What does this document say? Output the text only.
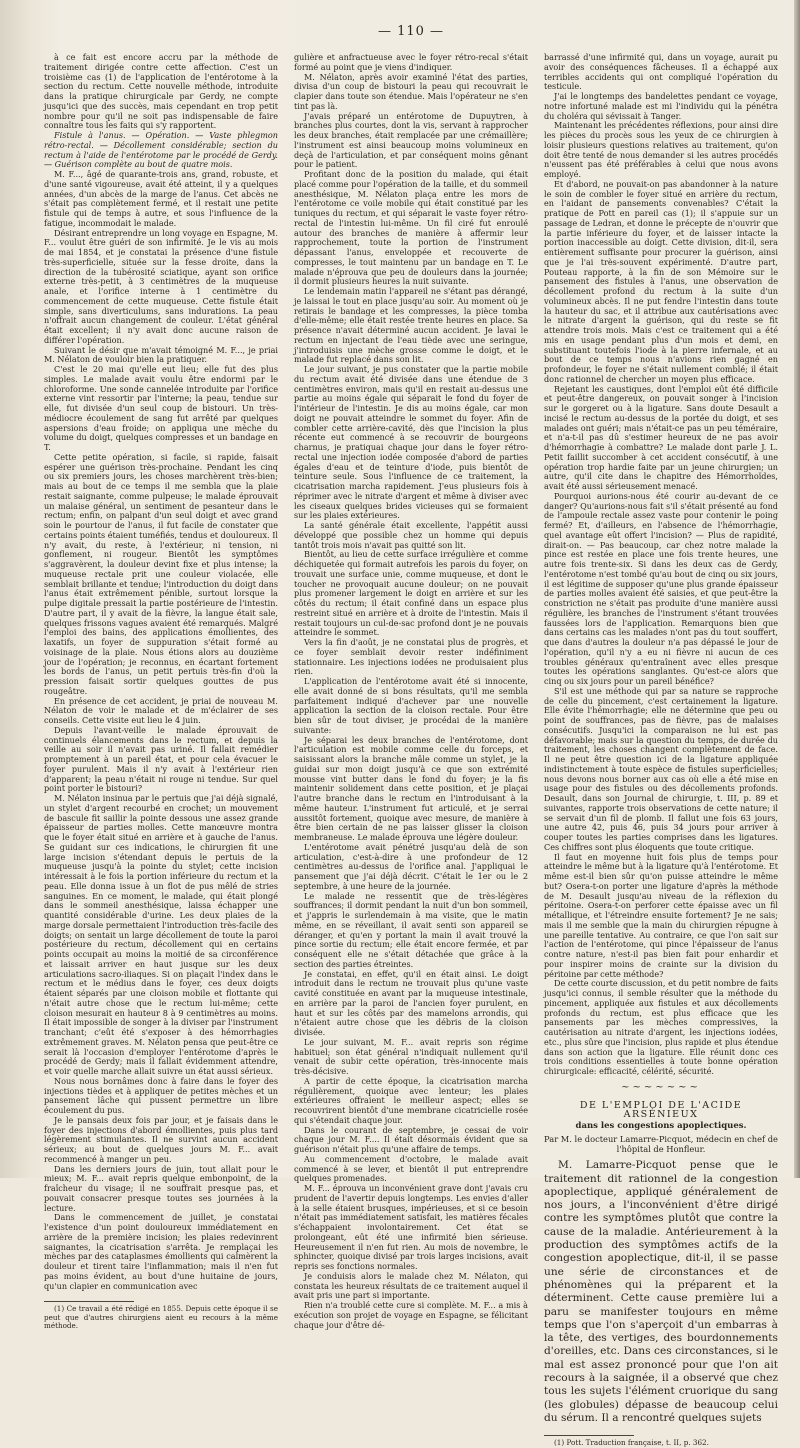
— 110 —

à ce fait est encore accru par la méthode de traitement dirigée contre cette affection. C'est un troisième cas (1) de l'application de l'entérotome à la section du rectum. Cette nouvelle méthode, introduite dans la pratique chirurgicale par Gerdy, ne compte jusqu'ici que des succès, mais cependant en trop petit nombre pour qu'il ne soit pas indispensable de faire connaître tous les faits qui s'y rapportent.

Fistule à l'anus. — Opération. — Vaste phlegmon rétro-rectal. — Décollement considérable; section du rectum à l'aide de l'entérotome par le procédé de Gerdy. — Guérison complète au bout de quatre mois.

M. F..., âgé de quarante-trois ans, grand, robuste, et d'une santé vigoureuse, avait été atteint, il y a quelques années, d'un abcès de la marge de l'anus. Cet abcès ne s'était pas complètement fermé, et il restait une petite fistule qui de temps à autre, et sous l'influence de la fatigue, incommodait le malade.

Désirant entreprendre un long voyage en Espagne, M. F... voulut être guéri de son infirmité. Je le vis au mois de mai 1854, et je constatai la présence d'une fistule très-superficielle, située sur la fesse droite, dans la direction de la tubérosité sciatique, ayant son orifice externe très-petit, à 3 centimètres de la muqueuse anale, et l'orifice interne à 1 centimètre du commencement de cette muqueuse. Cette fistule était simple, sans diverticulums, sans indurations. La peau n'offrait aucun changement de couleur. L'état général était excellent; il n'y avait donc aucune raison de différer l'opération.

Suivant le désir que m'avait témoigné M. F..., je priai M. Nélaton de vouloir bien la pratiquer.

C'est le 20 mai qu'elle eut lieu; elle fut des plus simples. Le malade avait voulu être endormi par le chloroforme. Une sonde cannelée introduite par l'orifice externe vint ressortir par l'interne; la peau, tendue sur elle, fut divisée d'un seul coup de bistouri. Un très-médiocre écoulement de sang fut arrêté par quelques aspersions d'eau froide; on appliqua une mèche du volume du doigt, quelques compresses et un bandage en T.

Cette petite opération, si facile, si rapide, faisait espérer une guérison très-prochaine. Pendant les cinq ou six premiers jours, les choses marchèrent très-bien; mais au bout de ce temps il me sembla que la plaie restait saignante, comme pulpeuse; le malade éprouvait un malaise général, un sentiment de pesanteur dans le rectum; enfin, on palpant d'un seul doigt et avec grand soin le pourtour de l'anus, il fut facile de constater que certains points étaient tuméfiés, tendus et douloureux. Il n'y avait, du reste, à l'extérieur, ni tension, ni gonflement, ni rougeur. Bientôt les symptômes s'aggravèrent, la douleur devint fixe et plus intense; la muqueuse rectale prit une couleur violacée, elle semblait brillante et tendue; l'introduction du doigt dans l'anus était extrêmement pénible, surtout lorsque la pulpe digitale pressait la partie postérieure de l'intestin. D'autre part, il y avait de la fièvre, la langue était sale, quelques frissons vagues avaient été remarqués. Malgré l'emploi des bains, des applications émollientes, des laxatifs, un foyer de suppuration s'était formé au voisinage de la plaie. Nous étions alors au douzième jour de l'opération; je reconnus, en écartant fortement les bords de l'anus, un petit pertuis très-fin d'où la pression faisait sortir quelques gouttes de pus rougeâtre.

En présence de cet accident, je priai de nouveau M. Nélaton de voir le malade et de m'éclairer de ses conseils. Cette visite eut lieu le 4 juin.

Depuis l'avant-veille le malade éprouvait de continuels élancements dans le rectum, et depuis la veille au soir il n'avait pas uriné. Il fallait remédier promptement à un pareil état, et pour cela évacuer le foyer purulent. Mais il n'y avait à l'extérieur rien d'apparent; la peau n'était ni rouge ni tendue. Sur quel point porter le bistouri?

M. Nélaton insinua par le pertuis que j'ai déjà signalé, un stylet d'argent recourbé en crochet; un mouvement de bascule fit saillir la pointe dessous une assez grande épaisseur de parties molles. Cette manœuvre montra que le foyer était situé en arrière et à gauche de l'anus. Se guidant sur ces indications, le chirurgien fit une large incision s'étendant depuis le pertuis de la muqueuse jusqu'à la pointe du stylet; cette incision intéressait à le fois la portion inférieure du rectum et la peau. Elle donna issue à un flot de pus mêlé de stries sanguines. En ce moment, le malade, qui était plongé dans le sommeil anesthésique, laissa échapper une quantité considérable d'urine. Les deux plaies de la marge dorsale permettaient l'introduction très-facile des doigts; on sentait un large décollement de toute la paroi postérieure du rectum, décollement qui en certains points occupait au moins la moitié de sa circonférence et laissait arriver en haut jusque sur les deux articulations sacro-iliaques. Si on plaçait l'index dans le rectum et le médius dans le foyer, ces deux doigts étaient séparés par une cloison mobile et flottante qui n'était autre chose que le rectum lui-même; cette cloison mesurait en hauteur 8 à 9 centimètres au moins. Il était impossible de songer à la diviser par l'instrument tranchant; c'eût été s'exposer à des hémorrhagies extrêmement graves. M. Nélaton pensa que peut-être ce serait là l'occasion d'employer l'entérotome d'après le procédé de Gerdy; mais il fallait évidemment attendre, et voir quelle marche allait suivre un état aussi sérieux.

Nous nous bornâmes donc à faire dans le foyer des injections tièdes et à appliquer de petites mèches et un pansement lâche qui pussent permettre un libre écoulement du pus.

Je le pansais deux fois par jour, et je faisais dans le foyer des injections d'abord émollientes, puis plus tard légèrement stimulantes. Il ne survint aucun accident sérieux; au bout de quelques jours M. F... avait recommencé à manger un peu.

Dans les derniers jours de juin, tout allait pour le mieux; M. F... avait repris quelque embonpoint, de la fraîcheur du visage; il ne souffrait presque pas, et pouvait consacrer presque toutes ses journées à la lecture.

Dans le commencement de juillet, je constatai l'existence d'un point douloureux immédiatement en arrière de la première incision; les plaies redevinrent saignantes, la cicatrisation s'arrêta. Je remplaçai les mèches par des cataplasmes émollients qui calmèrent la douleur et tirent taire l'inflammation; mais il n'en fut pas moins évident, au bout d'une huitaine de jours, qu'un clapier en communication avec

(1) Ce travail a été rédigé en 1855. Depuis cette époque il se peut que d'autres chirurgiens aient eu recours à la même méthode.

gulière et anfractueuse avec le foyer rétro-recal s'était formé au point que je viens d'indiquer.

M. Nélaton, après avoir examiné l'état des parties, divisa d'un coup de bistouri la peau qui recouvrait le clapier dans toute son étendue. Mais l'opérateur ne s'en tint pas là.

J'avais préparé un entérotome de Dupuytren, à branches plus courtes, dont la vis, servant à rapprocher les deux branches, était remplacée par une crémaillère; l'instrument est ainsi beaucoup moins volumineux en deçà de l'articulation, et par conséquent moins gênant pour le patient.

Profitant donc de la position du malade, qui était placé comme pour l'opération de la taille, et du sommeil anesthésique, M. Nélaton plaça entre les mors de l'entérotome ce voile mobile qui était constitué par les tuniques du rectum, et qui séparait le vaste foyer rétro-rectal de l'intestin lui-même. Un fil ciré fut enroulé autour des branches de manière à affermir leur rapprochement, toute la portion de l'instrument dépassant l'anus, enveloppée et recouverte de compresses, le tout maintenu par un bandage en T. Le malade n'éprouva que peu de douleurs dans la journée; il dormit plusieurs heures la nuit suivante.

Le lendemain matin l'appareil ne s'étant pas dérangé, je laissai le tout en place jusqu'au soir. Au moment où je retirais le bandage et les compresses, la pièce tomba d'elle-même; elle était restée trente heures en place. Sa présence n'avait déterminé aucun accident. Je lavai le rectum en injectant de l'eau tiède avec une seringue, j'introduisis une mèche grosse comme le doigt, et le malade fut replacé dans son lit.

Le jour suivant, je pus constater que la partie mobile du rectum avait été divisée dans une étendue de 3 centimètres environ, mais qu'il en restait au-dessus une partie au moins égale qui séparait le fond du foyer de l'intérieur de l'intestin. Je dis au moins égale, car mon doigt ne pouvait atteindre le sommet du foyer. Afin de combler cette arrière-cavité, dès que l'incision la plus récente eut commencé à se recouvrir de bourgeons charnus, je pratiquai chaque jour dans le foyer rétro-rectal une injection iodée composée d'abord de parties égales d'eau et de teinture d'iode, puis bientôt de teinture seule. Sous l'influence de ce traitement, la cicatrisation marcha rapidement. J'eus plusieurs fois à réprimer avec le nitrate d'argent et même à diviser avec les ciseaux quelques brides vicieuses qui se formaient sur les plaies extérieures.

La santé générale était excellente, l'appétit aussi développé que possible chez un homme qui depuis tantôt trois mois n'avait pas quitté son lit.

Bientôt, au lieu de cette surface irrégulière et comme déchiquetée qui formait autrefois les parois du foyer, on trouvait une surface unie, comme muqueuse, et dont le toucher ne provoquait aucune douleur; on ne pouvait plus promener largement le doigt en arrière et sur les côtés du rectum; il était confiné dans un espace plus restreint situé en arrière et à droite de l'intestin. Mais il restait toujours un cul-de-sac profond dont je ne pouvais atteindre le sommet.

Vers la fin d'août, je ne constatai plus de progrès, et ce foyer semblait devoir rester indéfiniment stationnaire. Les injections iodées ne produisaient plus rien.

L'application de l'entérotome avait été si innocente, elle avait donné de si bons résultats, qu'il me sembla parfaitement indiqué d'achever par une nouvelle application la section de la cloison rectale. Pour être bien sûr de tout diviser, je procédai de la manière suivante:

Je séparai les deux branches de l'entérotome, dont l'articulation est mobile comme celle du forceps, et saisissant alors la branche mâle comme un stylet, je la guidai sur mon doigt jusqu'à ce que son extrémité mousse vint butter dans le fond du foyer; je la fis maintenir solidement dans cette position, et je plaçai l'autre branche dans le rectum en l'introduisant à la même hauteur. L'instrument fut articulé, et je serrai aussitôt fortement, quoique avec mesure, de manière à être bien certain de ne pas laisser glisser la cloison membraneuse. Le malade éprouva une légère douleur.

L'entérotome avait pénétré jusqu'au delà de son articulation, c'est-à-dire à une profondeur de 12 centimètres au-dessus de l'orifice anal. J'appliquai le pansement que j'ai déjà décrit. C'était le 1er ou le 2 septembre, à une heure de la journée.

Le malade ne ressentit que de très-légères souffrances; il dormit pendant la nuit d'un bon sommeil, et j'appris le surlendemain à ma visite, que le matin même, en se réveillant, il avait senti son appareil se déranger, et qu'en y portant la main il avait trouvé la pince sortie du rectum; elle était encore fermée, et par conséquent elle ne s'était détachée que grâce à la section des parties étreintes.

Je constatai, en effet, qu'il en était ainsi. Le doigt introduit dans le rectum ne trouvait plus qu'une vaste cavité constituée en avant par la muqueuse intestinale, en arrière par la paroi de l'ancien foyer purulent, en haut et sur les côtés par des mamelons arrondis, qui n'étaient autre chose que les débris de la cloison divisée.

Le jour suivant, M. F... avait repris son régime habituel; son état général n'indiquait nullement qu'il venait de subir cette opération, très-innocente mais très-décisive.

A partir de cette époque, la cicatrisation marcha régulièrement, quoique avec lenteur; les plaies extérieures offraient le meilleur aspect; elles se recouvrirent bientôt d'une membrane cicatricielle rosée qui s'étendait chaque jour.

Dans le courant de septembre, je cessai de voir chaque jour M. F.... Il était désormais évident que sa guérison n'était plus qu'une affaire de temps.

Au commencement d'octobre, le malade avait commencé à se lever, et bientôt il put entreprendre quelques promenades.

M. F... éprouva un inconvénient grave dont j'avais cru prudent de l'avertir depuis longtemps. Les envies d'aller à la selle étaient brusques, impérieuses, et si ce besoin n'était pas immédiatement satisfait, les matières fécales s'échappaient involontairement. Cet état se prolongeant, eût été une infirmité bien sérieuse. Heureusement il n'en fut rien. Au mois de novembre, le sphincter, quoique divisé par trois larges incisions, avait repris ses fonctions normales.

Je conduisis alors le malade chez M. Nélaton, qui constata les heureux résultats de ce traitement auquel il avait pris une part si importante.

Rien n'a troublé cette cure si complète. M. F... a mis à exécution son projet de voyage en Espagne, se félicitant chaque jour d'être dé-

barrassé d'une infirmité qui, dans un voyage, aurait pu avoir des conséquences fâcheuses. Il a échappé aux terribles accidents qui ont compliqué l'opération du testicule.

J'ai le longtemps des bandelettes pendant ce voyage, notre infortuné malade est mi l'individu qui la pénétra du choléra qui sévissait à Tanger.

Maintenant les précédentes réflexions, pour ainsi dire les pièces du procès sous les yeux de ce chirurgien à loisir plusieurs questions relatives au traitement, qu'on doit être tenté de nous demander si les autres procédés n'eussent pas été préférables à celui que nous avons employé.

Et d'abord, ne pouvait-on pas abandonner à la nature le soin de combler le foyer situé en arrière du rectum, en l'aidant de pansements convenables? C'était la pratique de Pott en pareil cas (1); il s'appuie sur un passage de Ledran, et donne le précepte de n'ouvrir que la partie inférieure du foyer, et de laisser intacte la portion inaccessible au doigt. Cette division, dit-il, sera entièrement suffisante pour procurer la guérison, ainsi que je l'ai très-souvent expérimenté. D'autre part, Pouteau rapporte, à la fin de son Mémoire sur le pansement des fistules à l'anus, une observation de décollement profond du rectum à la suite d'un volumineux abcès. Il ne put fendre l'intestin dans toute la hauteur du sac, et il attribue aux cautérisations avec le nitrate d'argent la guérison, qui du reste se fit attendre trois mois. Mais c'est ce traitement qui a été mis en usage pendant plus d'un mois et demi, en substituant toutefois l'iode à la pierre infernale, et au bout de ce temps nous n'avions rien gagné en profondeur, le foyer ne s'était nullement comblé; il était donc rationnel de chercher un moyen plus efficace.

Rejetant les caustiques, dont l'emploi eût été difficile et peut-être dangereux, on pouvait songer à l'incision sur le gorgeret ou à la ligature. Sans doute Desault a incisé le rectum au-dessus de la portée du doigt, et ses malades ont guéri; mais n'était-ce pas un peu téméraire, et n'a-t-il pas dû s'estimer heureux de ne pas avoir d'hémorrhagie à combattre? Le malade dont parle J. L. Petit faillit succomber à cet accident consécutif, à une opération trop hardie faite par un jeune chirurgien; un autre, qu'il cite dans le chapitre des Hémorrhoïdes, avait été aussi sérieusement menacé.

Pourquoi aurions-nous été courir au-devant de ce danger? Qu'aurions-nous fait s'il s'était présenté au fond de l'ampoule rectale assez vaste pour contenir le poing fermé? Et, d'ailleurs, en l'absence de l'hémorrhagie, quel avantage eût offert l'incision? — Plus de rapidité, dirait-on. — Pas beaucoup, car chez notre malade la pince est restée en place une fois trente heures, une autre fois trente-six. Si dans les deux cas de Gerdy, l'entérotome n'est tombé qu'au bout de cinq ou six jours, il est légitime de supposer qu'une plus grande épaisseur de parties molles avaient été saisies, et que peut-être la constriction ne s'était pas produite d'une manière aussi régulière, les branches de l'instrument s'étant trouvées faussées lors de l'application. Remarquons bien que dans certains cas les malades n'ont pas du tout souffert, que dans d'autres la douleur n'a pas dépassé le jour de l'opération, qu'il n'y a eu ni fièvre ni aucun de ces troubles généraux qu'entraînent avec elles presque toutes les opérations sanglantes. Qu'est-ce alors que cinq ou six jours pour un pareil bénéfice?

S'il est une méthode qui par sa nature se rapproche de celle du pincement, c'est certainement la ligature. Elle évite l'hémorrhagie; elle ne détermine que peu ou point de souffrances, pas de fièvre, pas de malaises consécutifs. Jusqu'ici la comparaison ne lui est pas défavorable; mais sur la question du temps, de durée du traitement, les choses changent complètement de face. Il ne peut être question ici de la ligature appliquée indistinctement à toute espèce de fistules superficielles; nous devons nous borner aux cas où elle a été mise en usage pour des fistules ou des décollements profonds. Desault, dans son Journal de chirurgie, t. III, p. 89 et suivantes, rapporte trois observations de cette nature; il se servait d'un fil de plomb. Il fallut une fois 63 jours, une autre 42, puis 46, puis 34 jours pour arriver à couper toutes les parties comprises dans les ligatures. Ces chiffres sont plus éloquents que toute critique.

Il faut en moyenne huit fois plus de temps pour atteindre le même but à la ligature qu'à l'entérotome. Et même est-il bien sûr qu'on puisse atteindre le même but? Osera-t-on porter une ligature d'après la méthode de M. Desault jusqu'au niveau de la réflexion du péritoine. Osera-t-on perforer cette épaisse avec un fil métallique, et l'étreindre ensuite fortement? Je ne sais; mais il me semble que la main du chirurgien répugne à une pareille tentative. Au contraire, ce que l'on sait sur l'action de l'entérotome, qui pince l'épaisseur de l'anus contre nature, n'est-il pas bien fait pour enhardir et pour inspirer moins de crainte sur la division du péritoine par cette méthode?

De cette courte discussion, et du petit nombre de faits jusqu'ici connus, il semble résulter que la méthode du pincement, appliquée aux fistules et aux décollements profonds du rectum, est plus efficace que les pansements par les mèches compressives, la cautérisation au nitrate d'argent, les injections iodées, etc., plus sûre que l'incision, plus rapide et plus étendue dans son action que la ligature. Elle réunit donc ces trois conditions essentielles à toute bonne opération chirurgicale: efficacité, célérité, sécurité.

~~~~~~~
DE L'EMPLOI DE L'ACIDE ARSÉNIEUX
dans les congestions apoplectiques.
Par M. le docteur Lamarre-Picquot, médecin en chef de l'hôpital de Honfleur.

M. Lamarre-Picquot pense que le traitement dit rationnel de la congestion apoplectique, appliqué généralement de nos jours, a l'inconvénient d'être dirigé contre les symptômes plutôt que contre la cause de la maladie. Antérieurement à la production des symptômes actifs de la congestion apoplectique, dit-il, il se passe une série de circonstances et de phénomènes qui la préparent et la déterminent. Cette cause première lui a paru se manifester toujours en même temps que l'on s'aperçoit d'un embarras à la tête, des vertiges, des bourdonnements d'oreilles, etc. Dans ces circonstances, si le mal est assez prononcé pour que l'on ait recours à la saignée, il a observé que chez tous les sujets l'élément cruorique du sang (les globules) dépasse de beaucoup celui du sérum. Il a rencontré quelques sujets

(1) Pott. Traduction française, t. II, p. 362.
